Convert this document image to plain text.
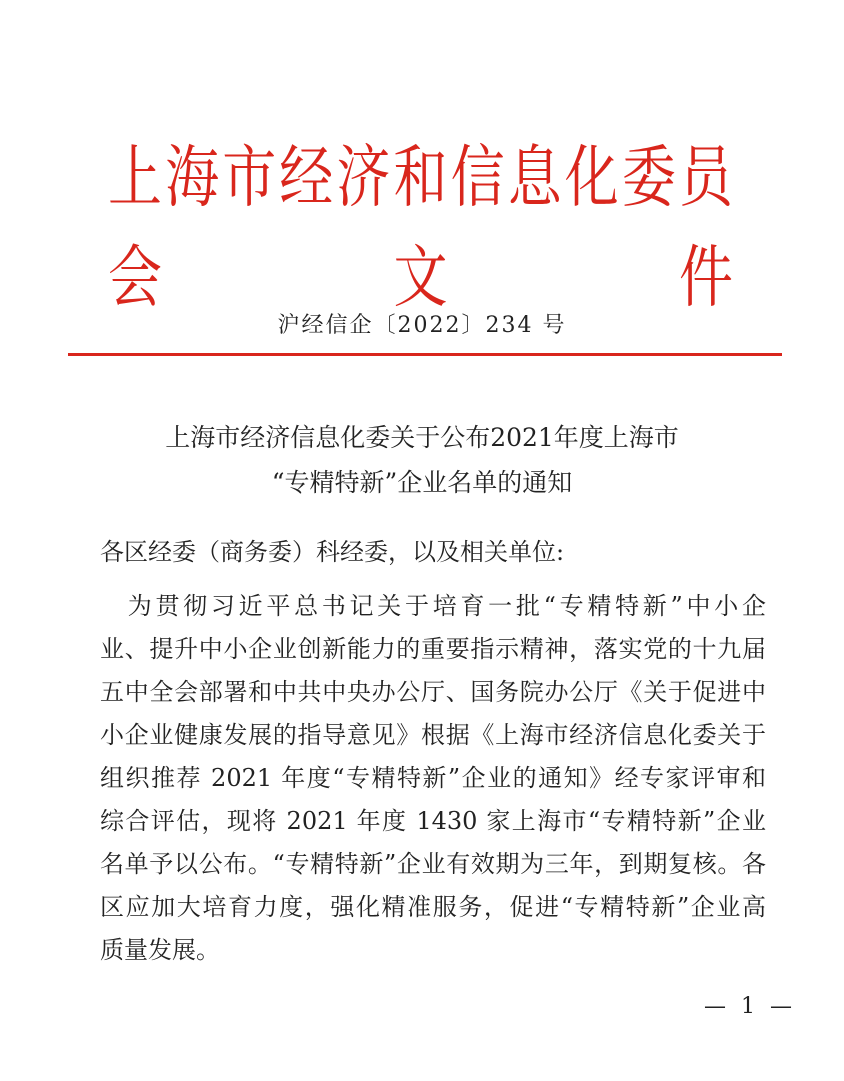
上海市经济和信息化委员会文件
沪经信企〔2022〕234 号
上海市经济信息化委关于公布2021年度上海市
“专精特新”企业名单的通知
各区经委（商务委）科经委，以及相关单位:
　为贯彻习近平总书记关于培育一批“专精特新”中小企
业、提升中小企业创新能力的重要指示精神，落实党的十九届
五中全会部署和中共中央办公厅、国务院办公厅《关于促进中
小企业健康发展的指导意见》根据《上海市经济信息化委关于
组织推荐 2021 年度“专精特新”企业的通知》经专家评审和
综合评估，现将 2021 年度 1430 家上海市“专精特新”企业
名单予以公布。“专精特新”企业有效期为三年，到期复核。各
区应加大培育力度，强化精准服务，促进“专精特新”企业高
质量发展。
— 1 —
